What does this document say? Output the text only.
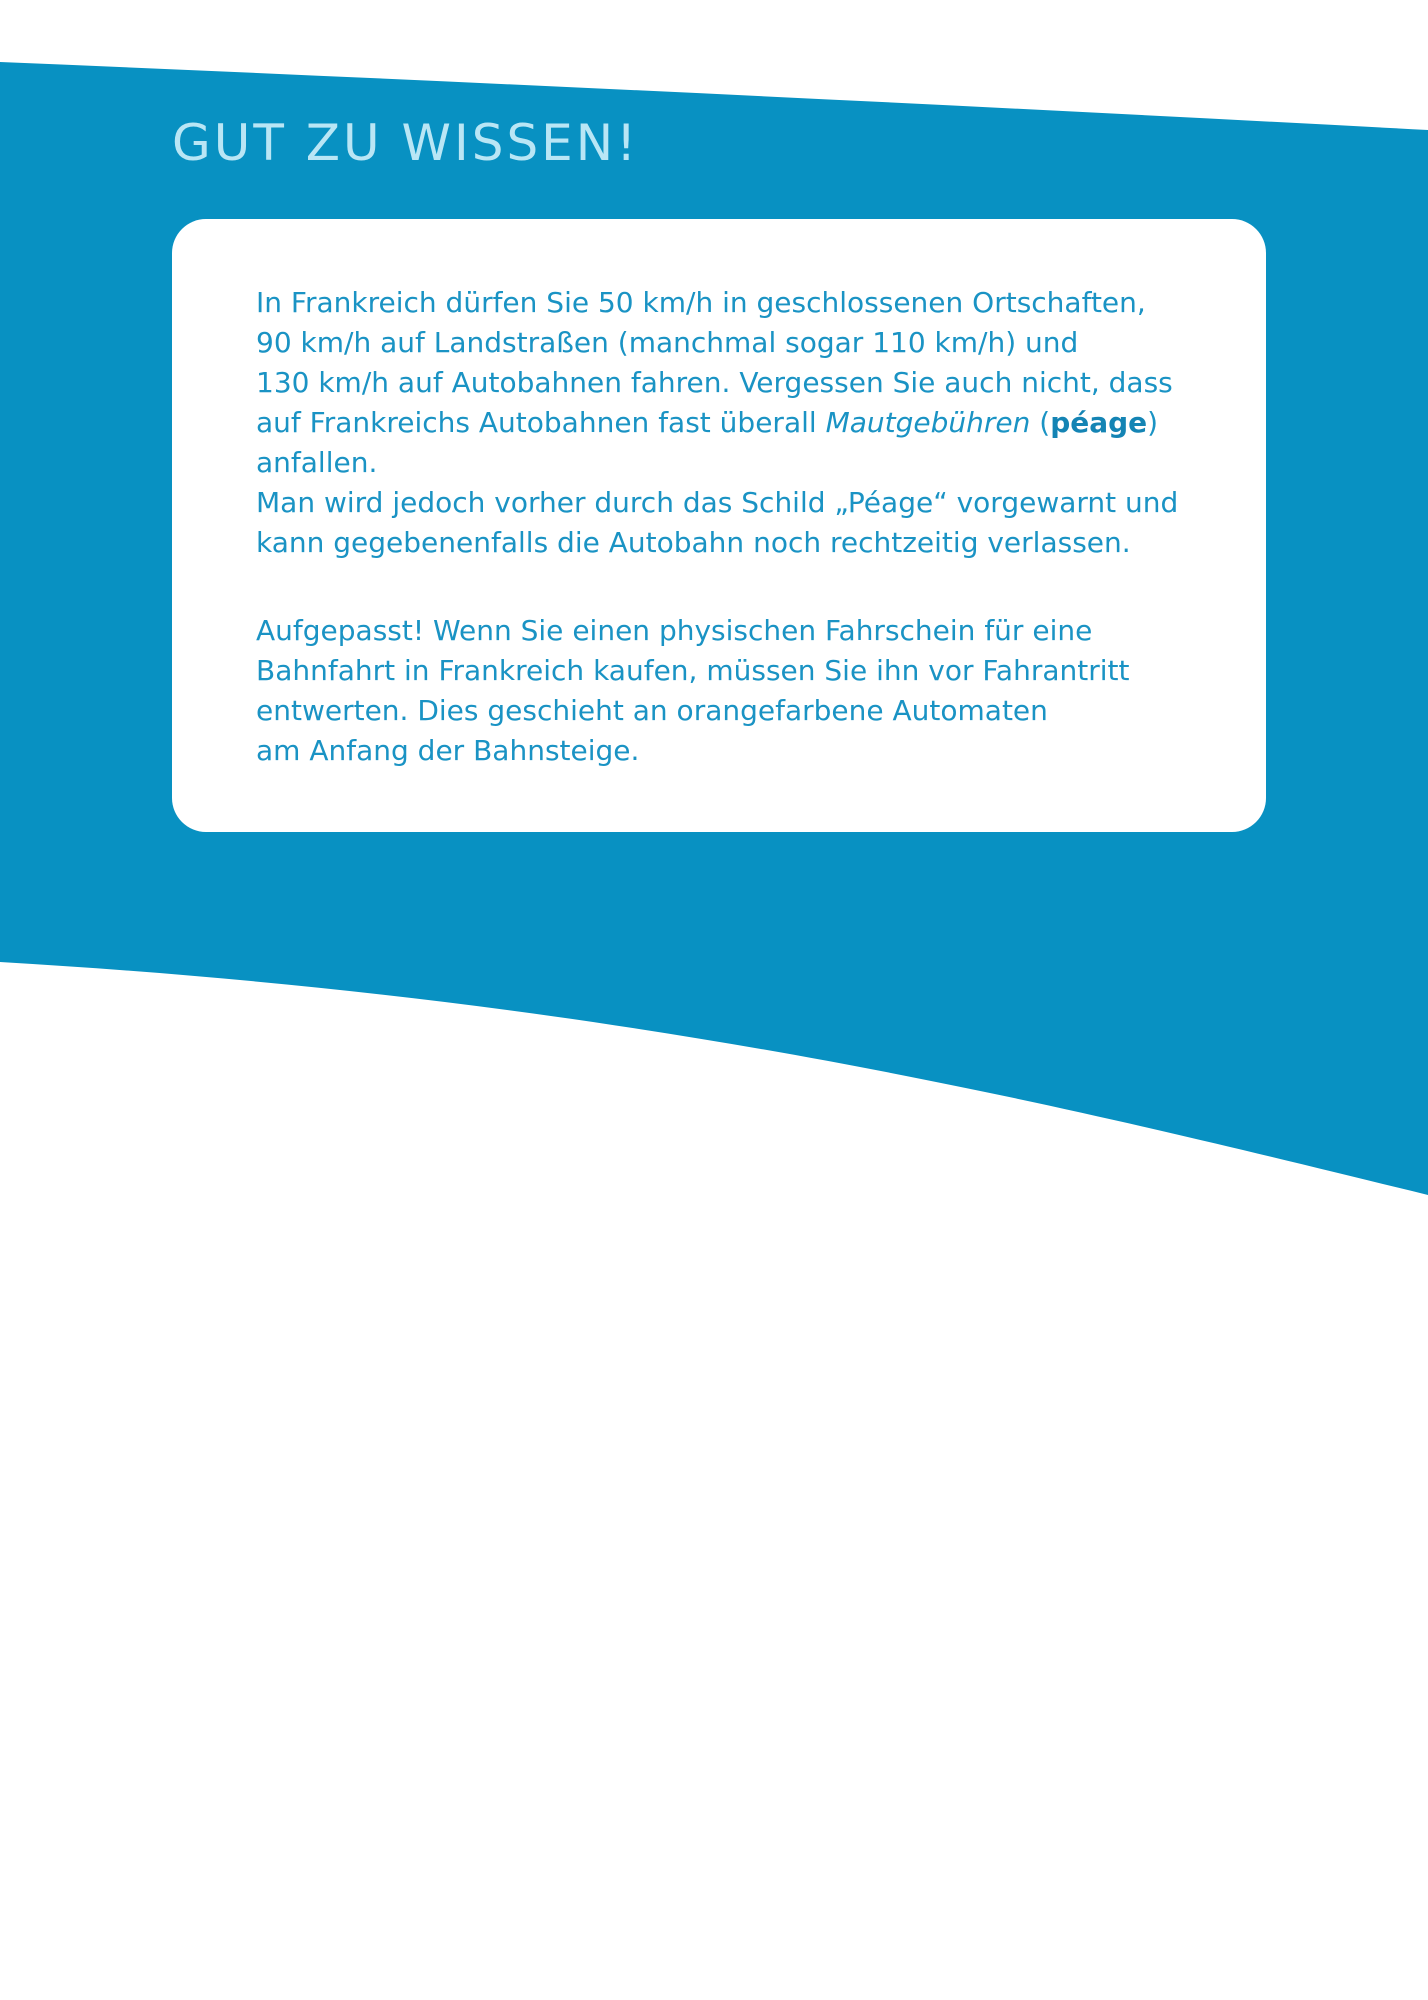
GUT ZU WISSEN!

In Frankreich dürfen Sie 50 km/h in geschlossenen Ortschaften,
90 km/h auf Landstraßen (manchmal sogar 110 km/h) und
130 km/h auf Autobahnen fahren. Vergessen Sie auch nicht, dass
auf Frankreichs Autobahnen fast überall Mautgebühren (péage)
anfallen.
Man wird jedoch vorher durch das Schild „Péage“ vorgewarnt und
kann gegebenenfalls die Autobahn noch rechtzeitig verlassen.

Aufgepasst! Wenn Sie einen physischen Fahrschein für eine
Bahnfahrt in Frankreich kaufen, müssen Sie ihn vor Fahrantritt
entwerten. Dies geschieht an orangefarbene Automaten
am Anfang der Bahnsteige.
